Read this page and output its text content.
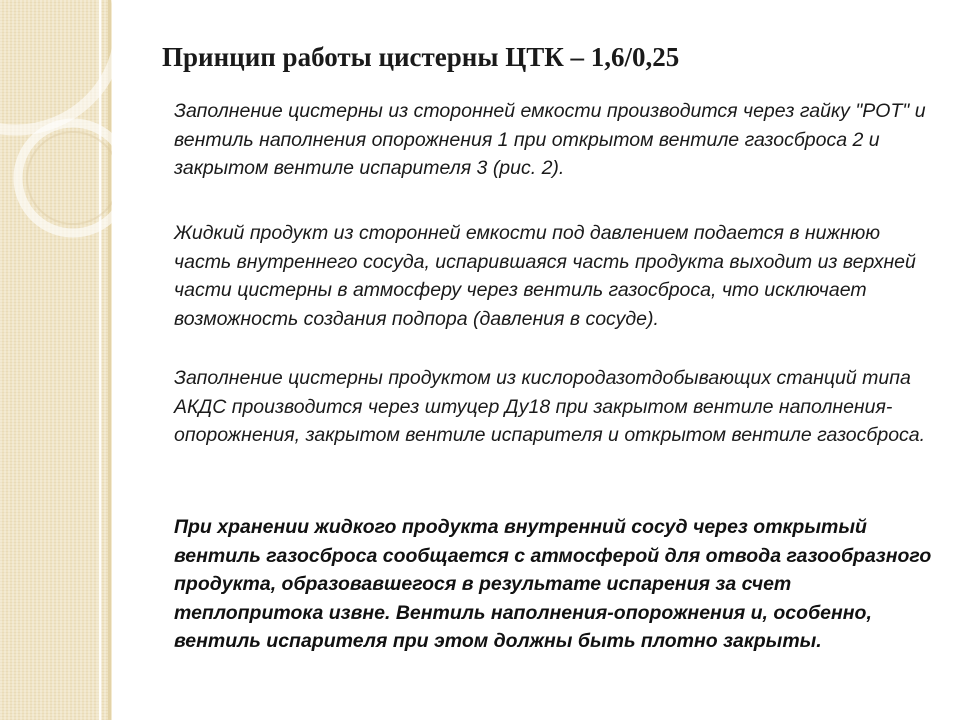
Принцип работы цистерны ЦТК – 1,6/0,25

Заполнение цистерны из сторонней емкости производится через гайку "РОТ" и вентиль наполнения опорожнения 1 при открытом вентиле газосброса 2 и закрытом вентиле испарителя 3 (рис. 2).

Жидкий продукт из сторонней емкости под давлением подается в нижнюю часть внутреннего сосуда, испарившаяся часть продукта выходит из верхней части цистерны в атмосферу через вентиль газосброса, что исключает возможность создания подпора (давления в сосуде).

Заполнение цистерны продуктом из кислородазотдобывающих станций типа АКДС производится через штуцер Ду18 при закрытом вентиле наполнения-опорожнения, закрытом вентиле испарителя и открытом вентиле газосброса.

При хранении жидкого продукта внутренний сосуд через открытый вентиль газосброса сообщается с атмосферой для отвода газообразного продукта, образовавшегося в результате испарения за счет теплопритока извне. Вентиль наполнения-опорожнения и, особенно, вентиль испарителя при этом должны быть плотно закрыты.
